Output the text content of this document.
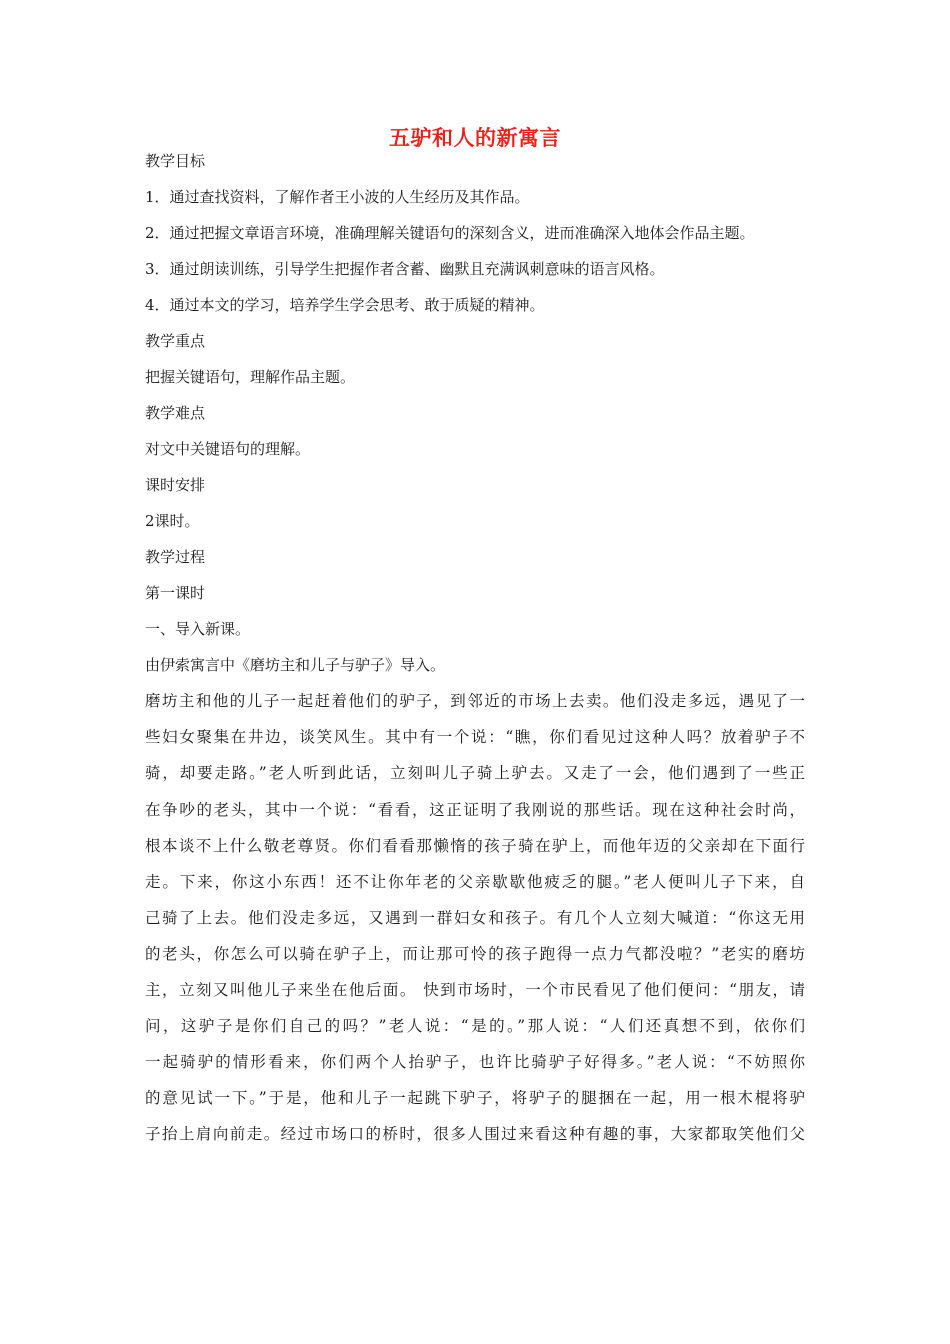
五驴和人的新寓言
教学目标
1．通过查找资料，了解作者王小波的人生经历及其作品。
2．通过把握文章语言环境，准确理解关键语句的深刻含义，进而准确深入地体会作品主题。
3．通过朗读训练，引导学生把握作者含蓄、幽默且充满讽刺意味的语言风格。
4．通过本文的学习，培养学生学会思考、敢于质疑的精神。
教学重点
把握关键语句，理解作品主题。
教学难点
对文中关键语句的理解。
课时安排
2课时。
教学过程
第一课时
一、导入新课。
由伊索寓言中《磨坊主和儿子与驴子》导入。
磨坊主和他的儿子一起赶着他们的驴子，到邻近的市场上去卖。他们没走多远，遇见了一
些妇女聚集在井边，谈笑风生。其中有一个说：“瞧，你们看见过这种人吗？放着驴子不
骑，却要走路。”老人听到此话，立刻叫儿子骑上驴去。又走了一会，他们遇到了一些正
在争吵的老头，其中一个说：“看看，这正证明了我刚说的那些话。现在这种社会时尚，
根本谈不上什么敬老尊贤。你们看看那懒惰的孩子骑在驴上，而他年迈的父亲却在下面行
走。下来，你这小东西！还不让你年老的父亲歇歇他疲乏的腿。”老人便叫儿子下来，自
己骑了上去。他们没走多远，又遇到一群妇女和孩子。有几个人立刻大喊道：“你这无用
的老头，你怎么可以骑在驴子上，而让那可怜的孩子跑得一点力气都没啦？”老实的磨坊
主，立刻又叫他儿子来坐在他后面。 快到市场时，一个市民看见了他们便问：“朋友，请
问，这驴子是你们自己的吗？”老人说：“是的。”那人说：“人们还真想不到，依你们
一起骑驴的情形看来，你们两个人抬驴子，也许比骑驴子好得多。”老人说：“不妨照你
的意见试一下。”于是，他和儿子一起跳下驴子，将驴子的腿捆在一起，用一根木棍将驴
子抬上肩向前走。经过市场口的桥时，很多人围过来看这种有趣的事，大家都取笑他们父
